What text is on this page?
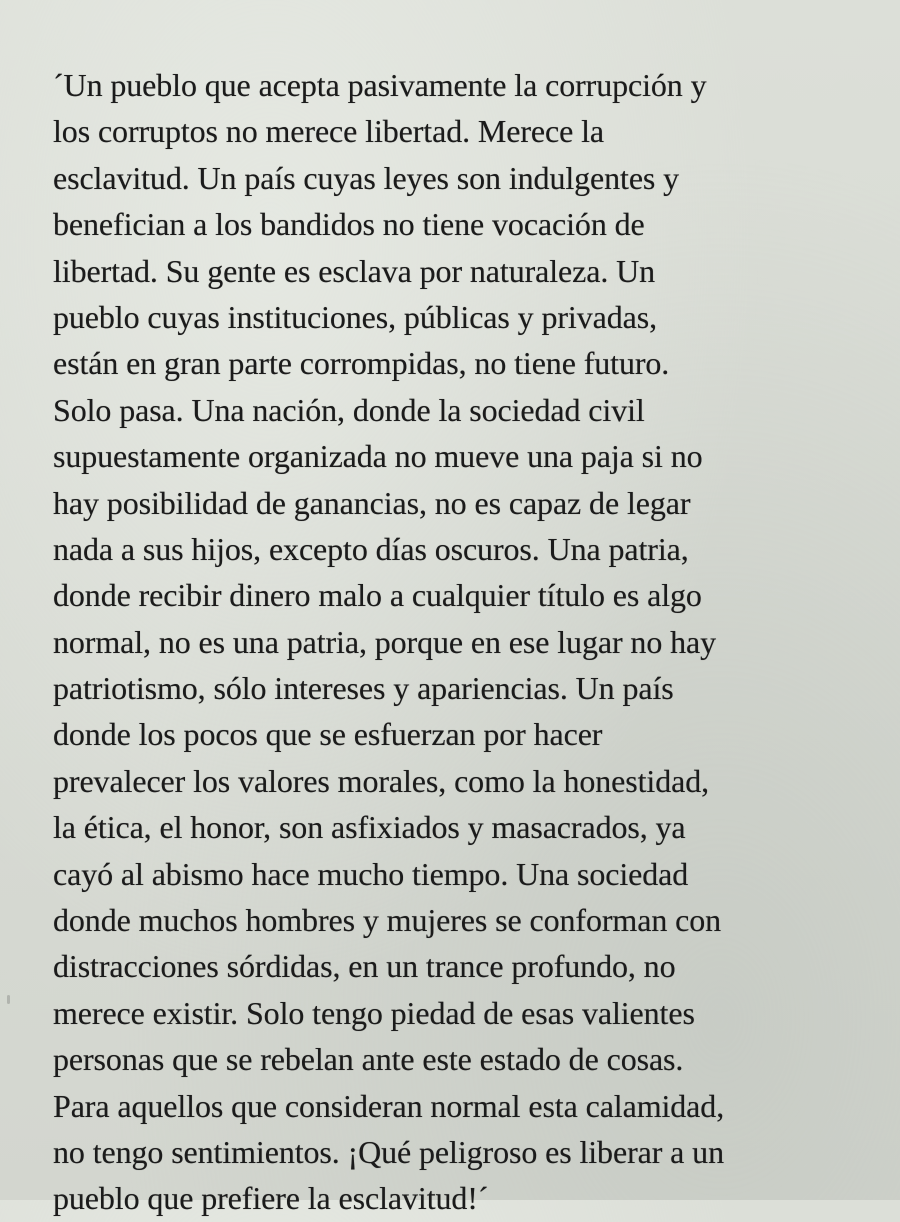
´Un pueblo que acepta pasivamente la corrupción y
los corruptos no merece libertad. Merece la
esclavitud. Un país cuyas leyes son indulgentes y
benefician a los bandidos no tiene vocación de
libertad. Su gente es esclava por naturaleza. Un
pueblo cuyas instituciones, públicas y privadas,
están en gran parte corrompidas, no tiene futuro.
Solo pasa. Una nación, donde la sociedad civil
supuestamente organizada no mueve una paja si no
hay posibilidad de ganancias, no es capaz de legar
nada a sus hijos, excepto días oscuros. Una patria,
donde recibir dinero malo a cualquier título es algo
normal, no es una patria, porque en ese lugar no hay
patriotismo, sólo intereses y apariencias. Un país
donde los pocos que se esfuerzan por hacer
prevalecer los valores morales, como la honestidad,
la ética, el honor, son asfixiados y masacrados, ya
cayó al abismo hace mucho tiempo. Una sociedad
donde muchos hombres y mujeres se conforman con
distracciones sórdidas, en un trance profundo, no
merece existir. Solo tengo piedad de esas valientes
personas que se rebelan ante este estado de cosas.
Para aquellos que consideran normal esta calamidad,
no tengo sentimientos. ¡Qué peligroso es liberar a un
pueblo que prefiere la esclavitud!´
